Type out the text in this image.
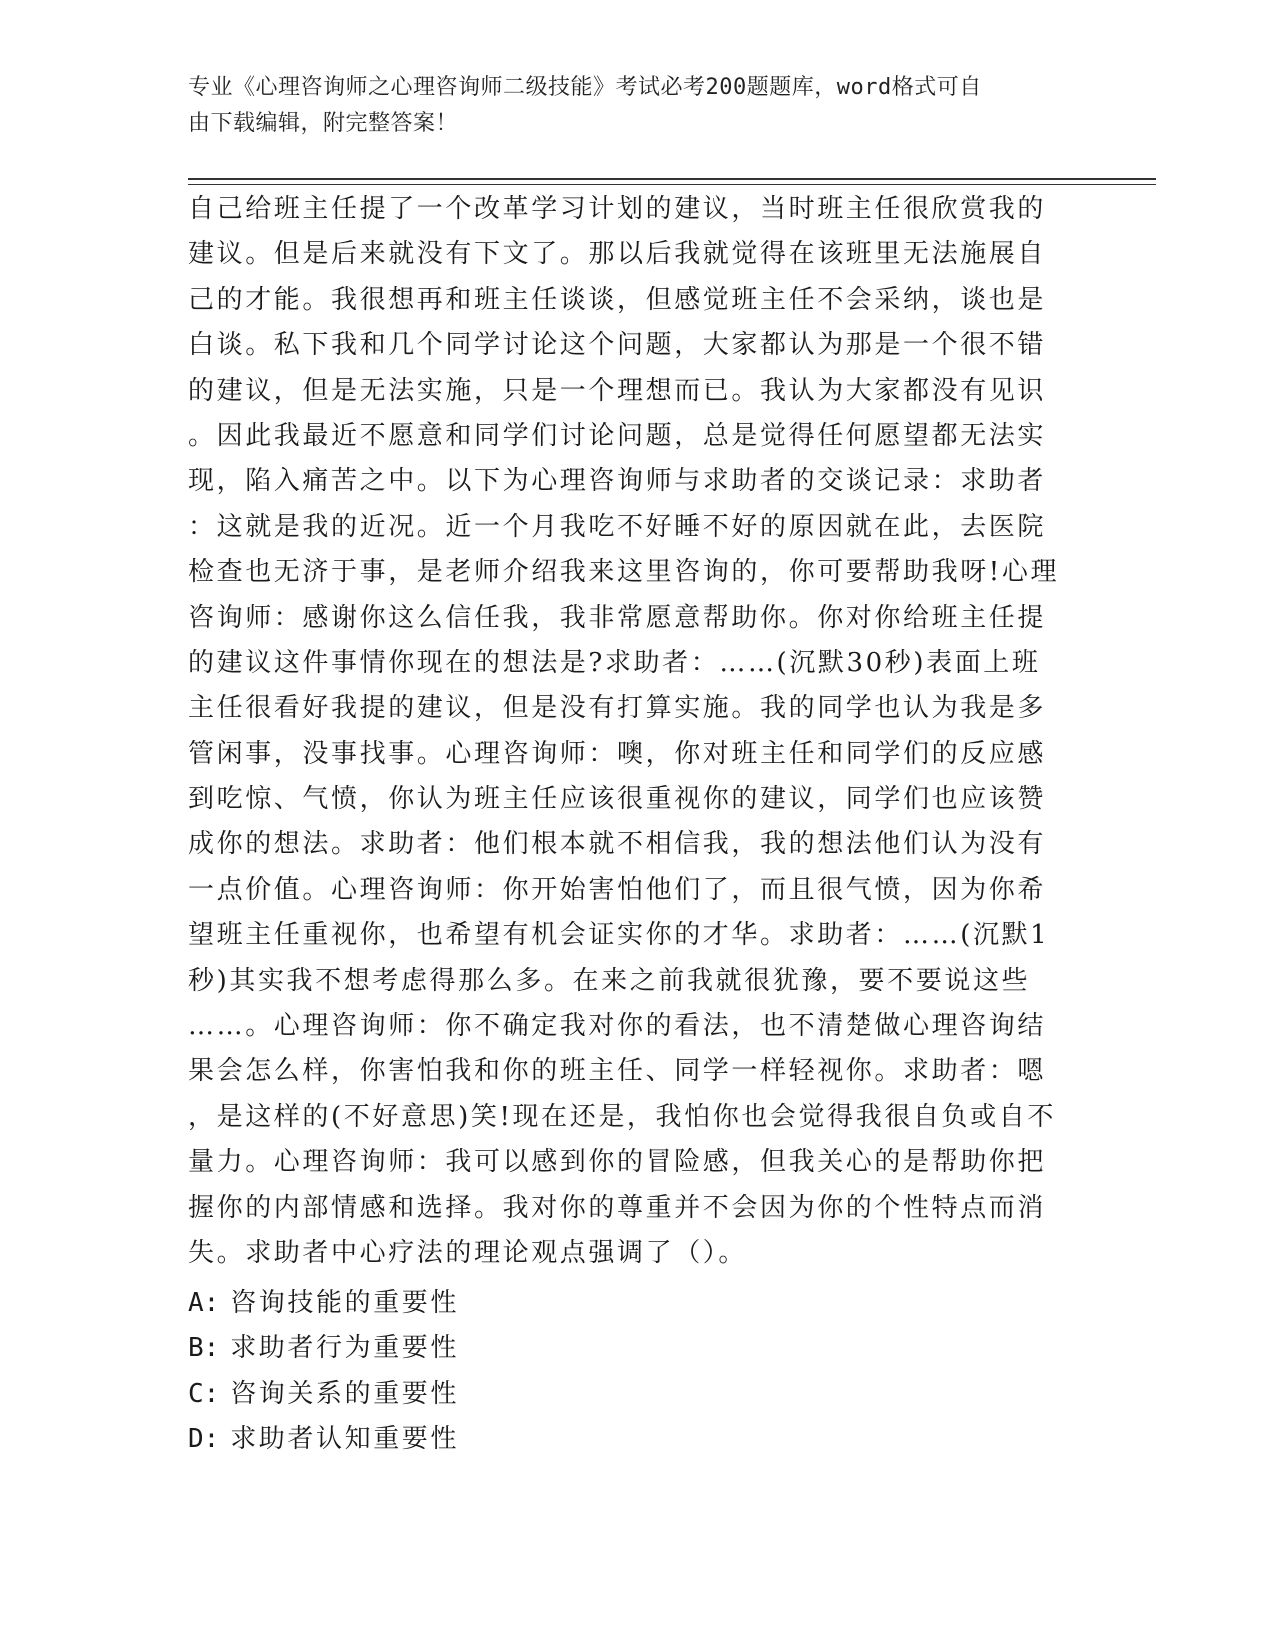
专业《心理咨询师之心理咨询师二级技能》考试必考200题题库，word格式可自
由下载编辑，附完整答案！
自己给班主任提了一个改革学习计划的建议，当时班主任很欣赏我的
建议。但是后来就没有下文了。那以后我就觉得在该班里无法施展自
己的才能。我很想再和班主任谈谈，但感觉班主任不会采纳，谈也是
白谈。私下我和几个同学讨论这个问题，大家都认为那是一个很不错
的建议，但是无法实施，只是一个理想而已。我认为大家都没有见识
。因此我最近不愿意和同学们讨论问题，总是觉得任何愿望都无法实
现，陷入痛苦之中。以下为心理咨询师与求助者的交谈记录：求助者
：这就是我的近况。近一个月我吃不好睡不好的原因就在此，去医院
检查也无济于事，是老师介绍我来这里咨询的，你可要帮助我呀!心理
咨询师：感谢你这么信任我，我非常愿意帮助你。你对你给班主任提
的建议这件事情你现在的想法是?求助者：……(沉默30秒)表面上班
主任很看好我提的建议，但是没有打算实施。我的同学也认为我是多
管闲事，没事找事。心理咨询师：噢，你对班主任和同学们的反应感
到吃惊、气愤，你认为班主任应该很重视你的建议，同学们也应该赞
成你的想法。求助者：他们根本就不相信我，我的想法他们认为没有
一点价值。心理咨询师：你开始害怕他们了，而且很气愤，因为你希
望班主任重视你，也希望有机会证实你的才华。求助者：……(沉默1
秒)其实我不想考虑得那么多。在来之前我就很犹豫，要不要说这些
……。心理咨询师：你不确定我对你的看法，也不清楚做心理咨询结
果会怎么样，你害怕我和你的班主任、同学一样轻视你。求助者：嗯
，是这样的(不好意思)笑!现在还是，我怕你也会觉得我很自负或自不
量力。心理咨询师：我可以感到你的冒险感，但我关心的是帮助你把
握你的内部情感和选择。我对你的尊重并不会因为你的个性特点而消
失。求助者中心疗法的理论观点强调了（）。
A: 咨询技能的重要性
B: 求助者行为重要性
C: 咨询关系的重要性
D: 求助者认知重要性
